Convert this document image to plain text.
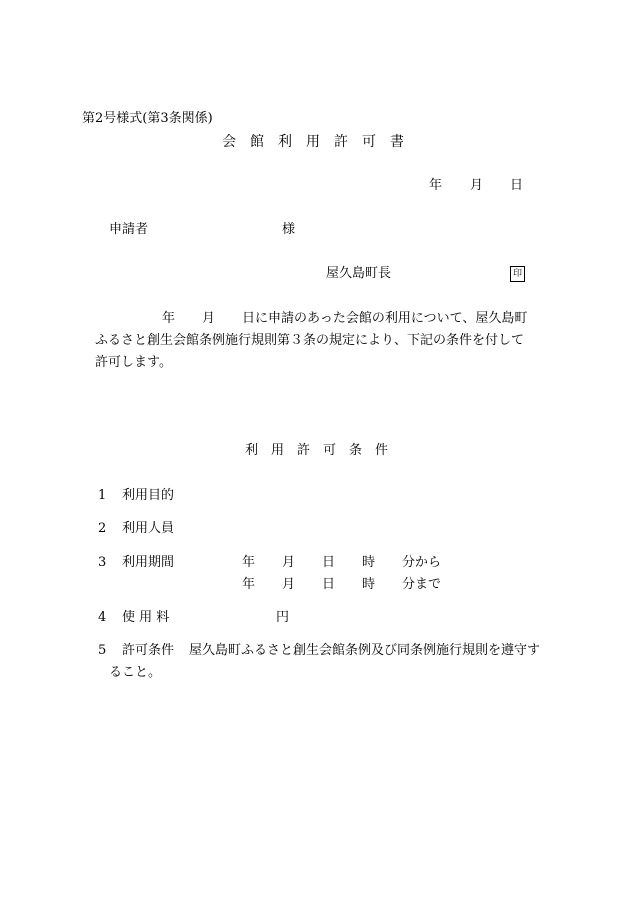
第2号様式(第3条関係)
会　館　利　用　許　可　書
年 月 日
申請者	様
屋久島町長	印
年 月 日に申請のあった会館の利用について、屋久島町
ふるさと創生会館条例施行規則第３条の規定により、下記の条件を付して
許可します。
利　用　許　可　条　件
1 利用目的
2 利用人員
3 利用期間	年 月 日 時 分から
年 月 日 時 分まで
4 使 用 料	円
5 許可条件 屋久島町ふるさと創生会館条例及び同条例施行規則を遵守す
ること。
